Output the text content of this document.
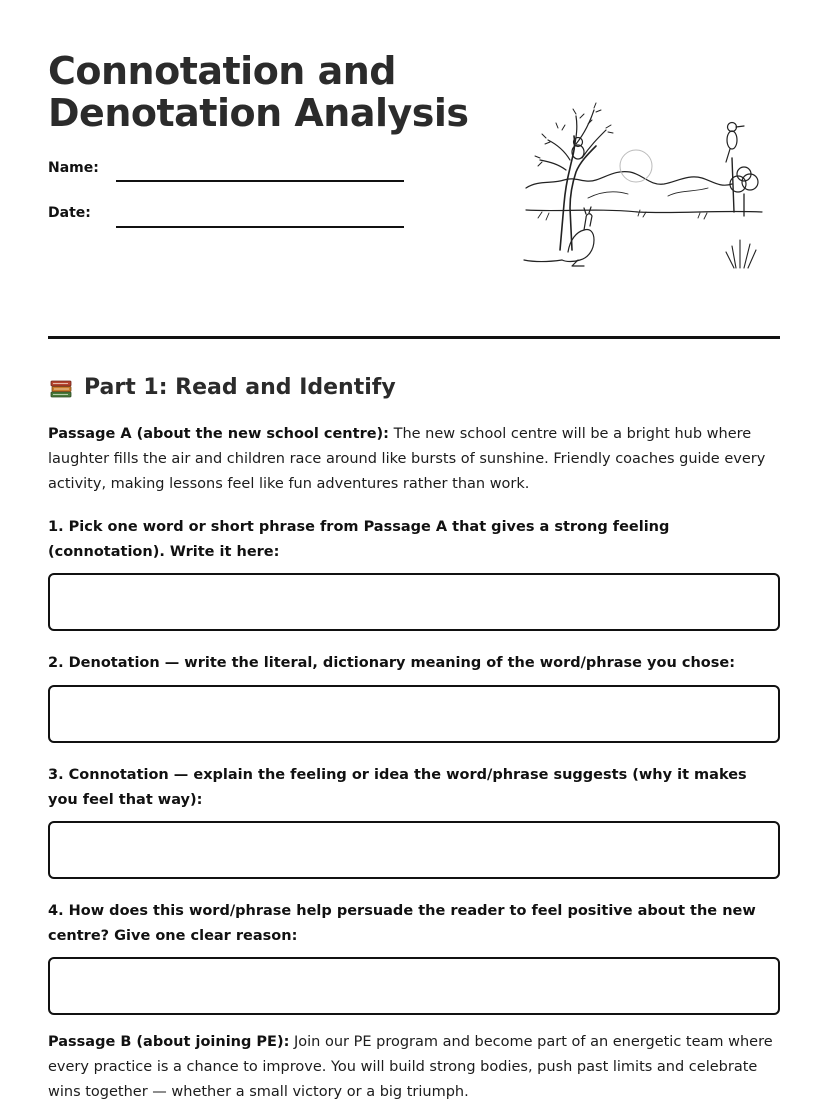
Connotation and
Denotation Analysis
Name:
Date:
Part 1: Read and Identify

Passage A (about the new school centre): The new school centre will be a bright hub where laughter fills the air and children race around like bursts of sunshine. Friendly coaches guide every activity, making lessons feel like fun adventures rather than work.

1. Pick one word or short phrase from Passage A that gives a strong feeling (connotation). Write it here:

2. Denotation — write the literal, dictionary meaning of the word/phrase you chose:

3. Connotation — explain the feeling or idea the word/phrase suggests (why it makes you feel that way):

4. How does this word/phrase help persuade the reader to feel positive about the new centre? Give one clear reason:

Passage B (about joining PE): Join our PE program and become part of an energetic team where every practice is a chance to improve. You will build strong bodies, push past limits and celebrate wins together — whether a small victory or a big triumph.
